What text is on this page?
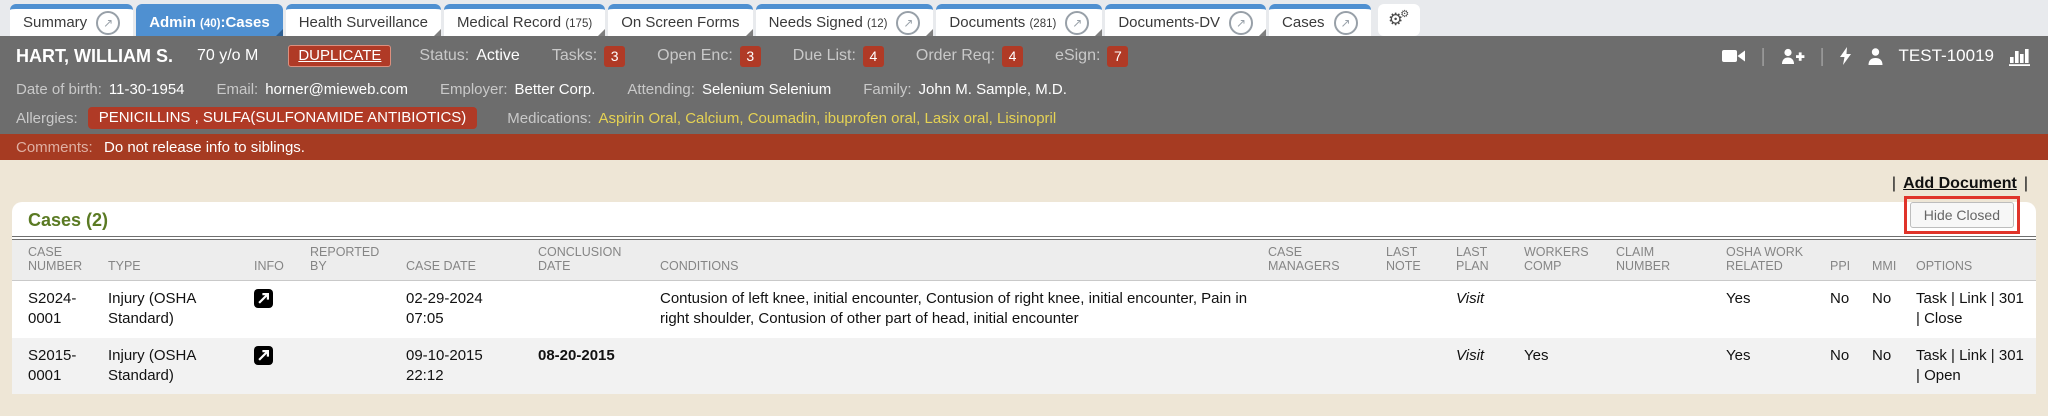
Summary	↗	Admin (40):Cases Health Surveillance Medical Record (175) On Screen Forms Needs Signed (12)	↗	Documents (281)	↗	Documents-DV	↗	Cases	↗	⚙
⚙
HART, WILLIAM S. 70 y/o M	DUPLICATE	Status: Active Tasks: 3	Open Enc: 3	Due List: 4	Order Req: 4	eSign: 7	|	|	TEST-10019
Date of birth: 11-30-1954 Email: horner@mieweb.com Employer: Better Corp. Attending: Selenium Selenium Family: John M. Sample, M.D.
Allergies:	PENICILLINS , SULFA(SULFONAMIDE ANTIBIOTICS)	Medications: Aspirin Oral, Calcium, Coumadin, ibuprofen oral, Lasix oral, Lisinopril
Comments: Do not release info to siblings.
| Add Document |
Hide Closed
Cases (2)
CASE NUMBER	TYPE	INFO	REPORTED BY	CASE DATE	CONCLUSION DATE	CONDITIONS	CASE MANAGERS	LAST NOTE	LAST PLAN	WORKERS COMP	CLAIM NUMBER	OSHA WORK RELATED	PPI	MMI	OPTIONS
S2024-0001	Injury (OSHA Standard)			02-29-2024 07:05		Contusion of left knee, initial encounter, Contusion of right knee, initial encounter, Pain in right shoulder, Contusion of other part of head, initial encounter			Visit			Yes	No	No	Task | Link | 301 | Close
S2015-0001	Injury (OSHA Standard)			09-10-2015 22:12	08-20-2015				Visit	Yes		Yes	No	No	Task | Link | 301 | Open
